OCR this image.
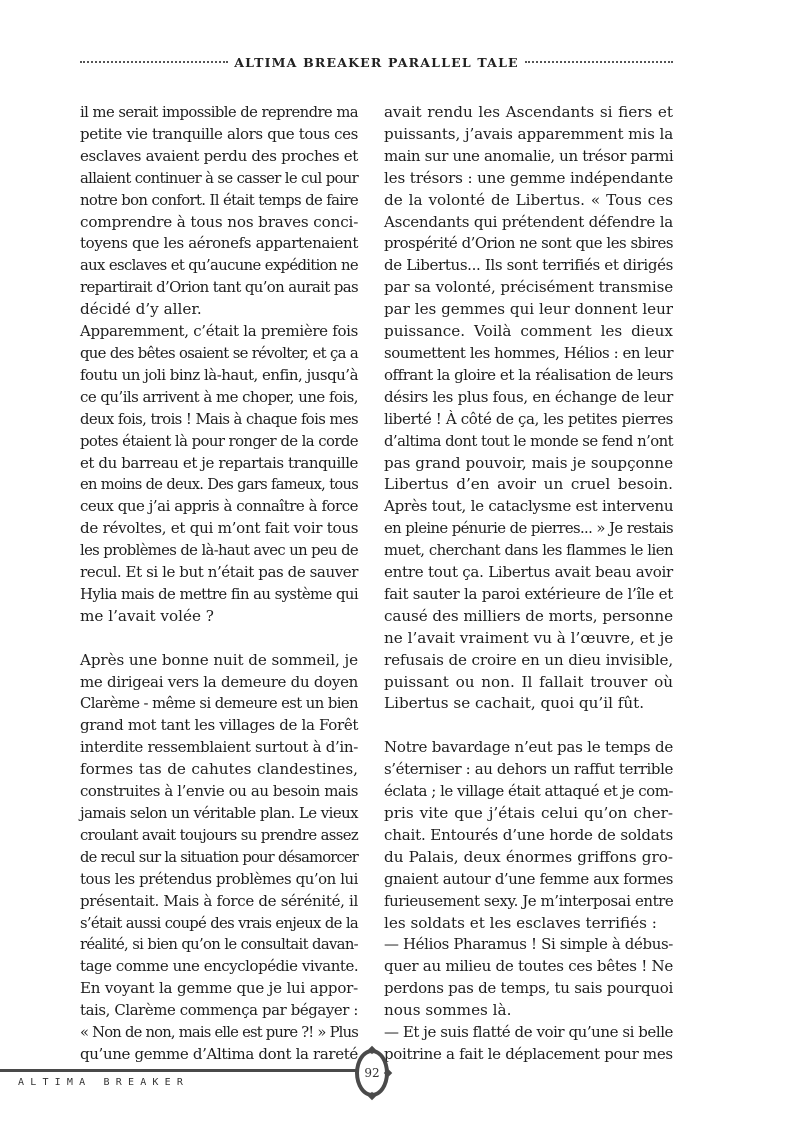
ALTIMA BREAKER PARALLEL TALE

il me serait impossible de reprendre ma
petite vie tranquille alors que tous ces
esclaves avaient perdu des proches et
allaient continuer à se casser le cul pour
notre bon confort. Il était temps de faire
comprendre à tous nos braves conci-
toyens que les aéronefs appartenaient
aux esclaves et qu’aucune expédition ne
repartirait d’Orion tant qu’on aurait pas
décidé d’y aller.

Apparemment, c’était la première fois
que des bêtes osaient se révolter, et ça a
foutu un joli binz là-haut, enfin, jusqu’à
ce qu’ils arrivent à me choper, une fois,
deux fois, trois ! Mais à chaque fois mes
potes étaient là pour ronger de la corde
et du barreau et je repartais tranquille
en moins de deux. Des gars fameux, tous
ceux que j’ai appris à connaître à force
de révoltes, et qui m’ont fait voir tous
les problèmes de là-haut avec un peu de
recul. Et si le but n’était pas de sauver
Hylia mais de mettre fin au système qui
me l’avait volée ?

Après une bonne nuit de sommeil, je
me dirigeai vers la demeure du doyen
Clarème - même si demeure est un bien
grand mot tant les villages de la Forêt
interdite ressemblaient surtout à d’in-
formes tas de cahutes clandestines,
construites à l’envie ou au besoin mais
jamais selon un véritable plan. Le vieux
croulant avait toujours su prendre assez
de recul sur la situation pour désamorcer
tous les prétendus problèmes qu’on lui
présentait. Mais à force de sérénité, il
s’était aussi coupé des vrais enjeux de la
réalité, si bien qu’on le consultait davan-
tage comme une encyclopédie vivante.
En voyant la gemme que je lui appor-
tais, Clarème commença par bégayer :
« Non de non, mais elle est pure ?! » Plus
qu’une gemme d’Altima dont la rareté

avait rendu les Ascendants si fiers et
puissants, j’avais apparemment mis la
main sur une anomalie, un trésor parmi
les trésors : une gemme indépendante
de la volonté de Libertus. « Tous ces
Ascendants qui prétendent défendre la
prospérité d’Orion ne sont que les sbires
de Libertus... Ils sont terrifiés et dirigés
par sa volonté, précisément transmise
par les gemmes qui leur donnent leur
puissance. Voilà comment les dieux
soumettent les hommes, Hélios : en leur
offrant la gloire et la réalisation de leurs
désirs les plus fous, en échange de leur
liberté ! À côté de ça, les petites pierres
d’altima dont tout le monde se fend n’ont
pas grand pouvoir, mais je soupçonne
Libertus d’en avoir un cruel besoin.
Après tout, le cataclysme est intervenu
en pleine pénurie de pierres... » Je restais
muet, cherchant dans les flammes le lien
entre tout ça. Libertus avait beau avoir
fait sauter la paroi extérieure de l’île et
causé des milliers de morts, personne
ne l’avait vraiment vu à l’œuvre, et je
refusais de croire en un dieu invisible,
puissant ou non. Il fallait trouver où
Libertus se cachait, quoi qu’il fût.

Notre bavardage n’eut pas le temps de
s’éterniser : au dehors un raffut terrible
éclata ; le village était attaqué et je com-
pris vite que j’étais celui qu’on cher-
chait. Entourés d’une horde de soldats
du Palais, deux énormes griffons gro-
gnaient autour d’une femme aux formes
furieusement sexy. Je m’interposai entre
les soldats et les esclaves terrifiés :

— Hélios Pharamus ! Si simple à débus-
quer au milieu de toutes ces bêtes ! Ne
perdons pas de temps, tu sais pourquoi
nous sommes là.

— Et je suis flatté de voir qu’une si belle
poitrine a fait le déplacement pour mes

ALTIMA BREAKER
92
